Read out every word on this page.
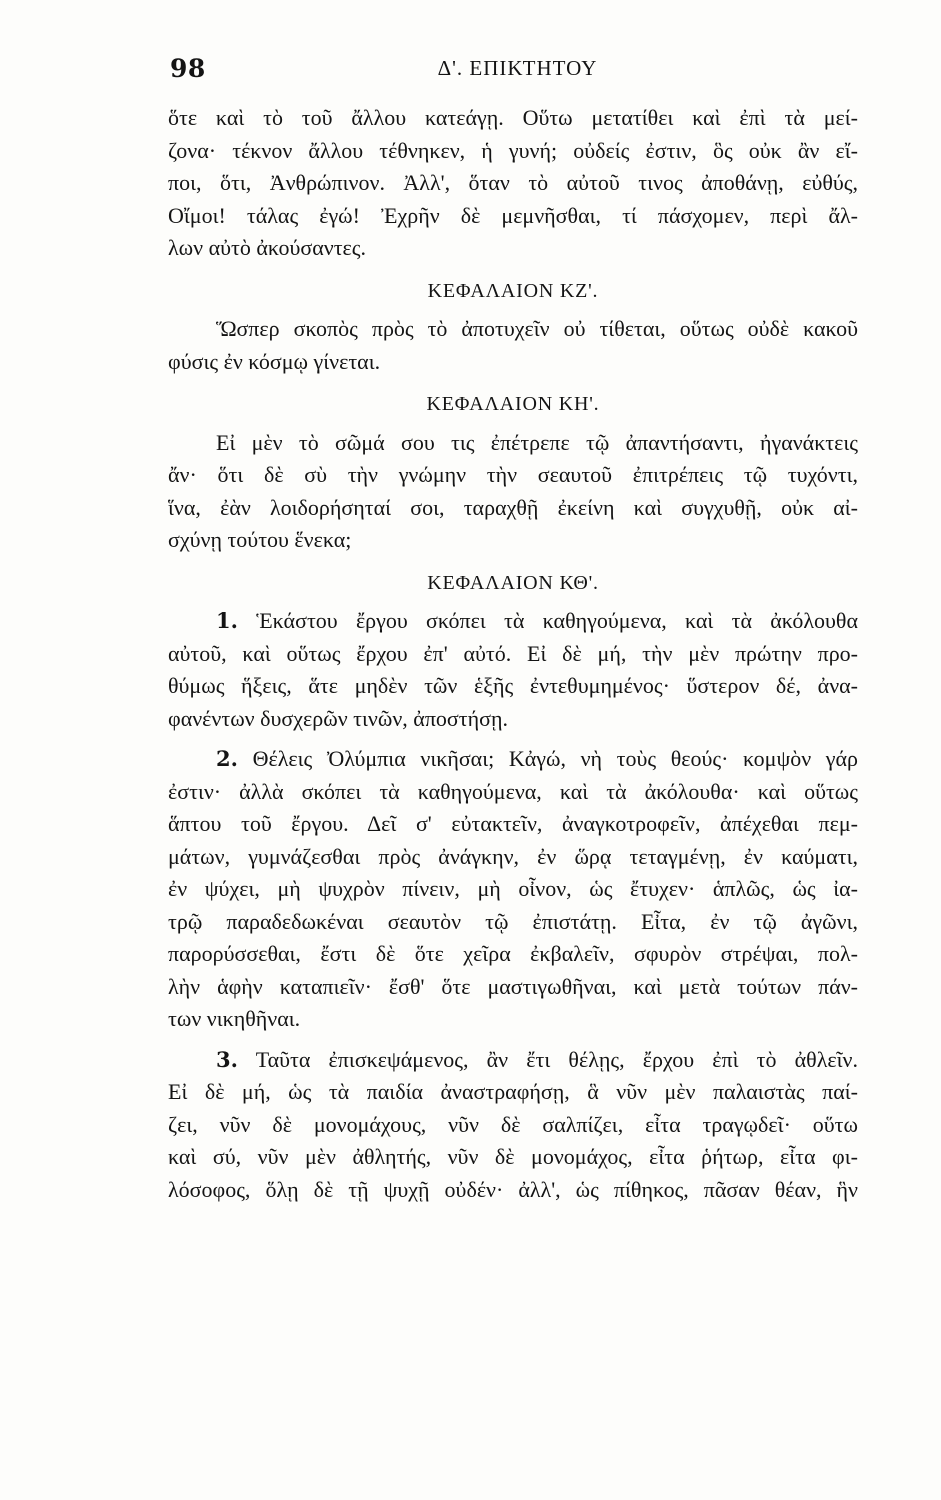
98	Δ'. ΕΠΙΚΤΗΤΟΥ
ὅτε καὶ τὸ τοῦ ἄλλου κατεάγῃ. Οὕτω μετατίθει καὶ ἐπὶ τὰ μεί-
ζονα· τέκνον ἄλλου τέθνηκεν, ἡ γυνή; οὐδείς ἐστιν, ὃς οὐκ ἂν εἴ-
ποι, ὅτι, Ἀνθρώπινον. Ἀλλ', ὅταν τὸ αὐτοῦ τινος ἀποθάνῃ, εὐθύς,
Οἴμοι! τάλας ἐγώ! Ἐχρῆν δὲ μεμνῆσθαι, τί πάσχομεν, περὶ ἄλ-
λων αὐτὸ ἀκούσαντες.
ΚΕΦΑΛΑΙΟΝ ΚΖ'.
Ὥσπερ σκοπὸς πρὸς τὸ ἀποτυχεῖν οὐ τίθεται, οὕτως οὐδὲ κακοῦ
φύσις ἐν κόσμῳ γίνεται.
ΚΕΦΑΛΑΙΟΝ ΚΗ'.
Εἰ μὲν τὸ σῶμά σου τις ἐπέτρεπε τῷ ἀπαντήσαντι, ἠγανάκτεις
ἄν· ὅτι δὲ σὺ τὴν γνώμην τὴν σεαυτοῦ ἐπιτρέπεις τῷ τυχόντι,
ἵνα, ἐὰν λοιδορήσηταί σοι, ταραχθῇ ἐκείνη καὶ συγχυθῇ, οὐκ αἰ-
σχύνῃ τούτου ἕνεκα;
ΚΕΦΑΛΑΙΟΝ ΚΘ'.
1. Ἑκάστου ἔργου σκόπει τὰ καθηγούμενα, καὶ τὰ ἀκόλουθα
αὐτοῦ, καὶ οὕτως ἔρχου ἐπ' αὐτό. Εἰ δὲ μή, τὴν μὲν πρώτην προ-
θύμως ἥξεις, ἅτε μηδὲν τῶν ἑξῆς ἐντεθυμημένος· ὕστερον δέ, ἀνα-
φανέντων δυσχερῶν τινῶν, ἀποστήσῃ.
2. Θέλεις Ὀλύμπια νικῆσαι; Κἀγώ, νὴ τοὺς θεούς· κομψὸν γάρ
ἐστιν· ἀλλὰ σκόπει τὰ καθηγούμενα, καὶ τὰ ἀκόλουθα· καὶ οὕτως
ἅπτου τοῦ ἔργου. Δεῖ σ' εὐτακτεῖν, ἀναγκοτροφεῖν, ἀπέχεθαι πεμ-
μάτων, γυμνάζεσθαι πρὸς ἀνάγκην, ἐν ὥρᾳ τεταγμένῃ, ἐν καύματι,
ἐν ψύχει, μὴ ψυχρὸν πίνειν, μὴ οἶνον, ὡς ἔτυχεν· ἁπλῶς, ὡς ἰα-
τρῷ παραδεδωκέναι σεαυτὸν τῷ ἐπιστάτῃ. Εἶτα, ἐν τῷ ἀγῶνι,
παρορύσσεθαι, ἔστι δὲ ὅτε χεῖρα ἐκβαλεῖν, σφυρὸν στρέψαι, πολ-
λὴν ἁφὴν καταπιεῖν· ἔσθ' ὅτε μαστιγωθῆναι, καὶ μετὰ τούτων πάν-
των νικηθῆναι.
3. Ταῦτα ἐπισκεψάμενος, ἂν ἔτι θέλῃς, ἔρχου ἐπὶ τὸ ἀθλεῖν.
Εἰ δὲ μή, ὡς τὰ παιδία ἀναστραφήσῃ, ἃ νῦν μὲν παλαιστὰς παί-
ζει, νῦν δὲ μονομάχους, νῦν δὲ σαλπίζει, εἶτα τραγῳδεῖ· οὕτω
καὶ σύ, νῦν μὲν ἀθλητής, νῦν δὲ μονομάχος, εἶτα ῥήτωρ, εἶτα φι-
λόσοφος, ὅλῃ δὲ τῇ ψυχῇ οὐδέν· ἀλλ', ὡς πίθηκος, πᾶσαν θέαν, ἣν
